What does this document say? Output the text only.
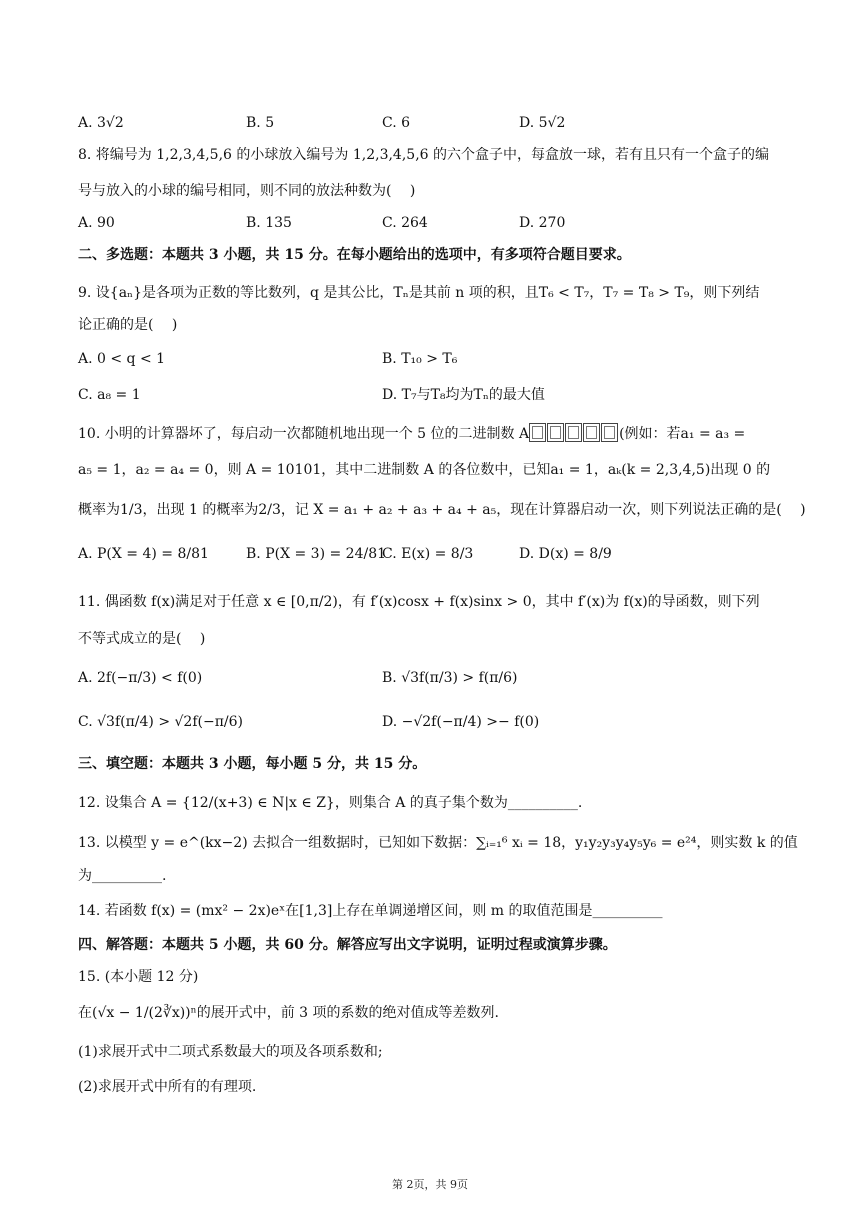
A. 3√2	B. 5	C. 6	D. 5√2
8. 将编号为 1,2,3,4,5,6 的小球放入编号为 1,2,3,4,5,6 的六个盒子中，每盒放一球，若有且只有一个盒子的编
号与放入的小球的编号相同，则不同的放法种数为(　 )
A. 90	B. 135	C. 264	D. 270
二、多选题：本题共 3 小题，共 15 分。在每小题给出的选项中，有多项符合题目要求。
9. 设{aₙ}是各项为正数的等比数列，q 是其公比，Tₙ是其前 n 项的积，且T₆ < T₇，T₇ = T₈ > T₉，则下列结
论正确的是(　 )
A. 0 < q < 1	B. T₁₀ > T₆
C. a₈ = 1	D. T₇与T₈均为Tₙ的最大值
10. 小明的计算器坏了，每启动一次都随机地出现一个 5 位的二进制数 A	(例如：若a₁ = a₃ =
a₅ = 1，a₂ = a₄ = 0，则 A = 10101，其中二进制数 A 的各位数中，已知a₁ = 1，aₖ(k = 2,3,4,5)出现 0 的
概率为1/3，出现 1 的概率为2/3，记 X = a₁ + a₂ + a₃ + a₄ + a₅，现在计算器启动一次，则下列说法正确的是(　 )
A. P(X = 4) = 8/81	B. P(X = 3) = 24/81
C. E(x) = 8/3	D. D(x) = 8/9
11. 偶函数 f(x)满足对于任意 x ∈ [0,π/2)，有 f′(x)cosx + f(x)sinx > 0，其中 f′(x)为 f(x)的导函数，则下列
不等式成立的是(　 )
A. 2f(−π/3) < f(0)	B. √3f(π/3) > f(π/6)
C. √3f(π/4) > √2f(−π/6)	D. −√2f(−π/4) >− f(0)
三、填空题：本题共 3 小题，每小题 5 分，共 15 分。
12. 设集合 A = {12/(x+3) ∈ N|x ∈ Z}，则集合 A 的真子集个数为__________.
13. 以模型 y = e^(kx−2) 去拟合一组数据时，已知如下数据：∑ᵢ₌₁⁶ xᵢ = 18，y₁y₂y₃y₄y₅y₆ = e²⁴，则实数 k 的值
为__________.
14. 若函数 f(x) = (mx² − 2x)eˣ在[1,3]上存在单调递增区间，则 m 的取值范围是__________
四、解答题：本题共 5 小题，共 60 分。解答应写出文字说明，证明过程或演算步骤。
15. (本小题 12 分)
在(√x − 1/(2∛x))ⁿ的展开式中，前 3 项的系数的绝对值成等差数列.
(1)求展开式中二项式系数最大的项及各项系数和;
(2)求展开式中所有的有理项.
第 2页，共 9页
